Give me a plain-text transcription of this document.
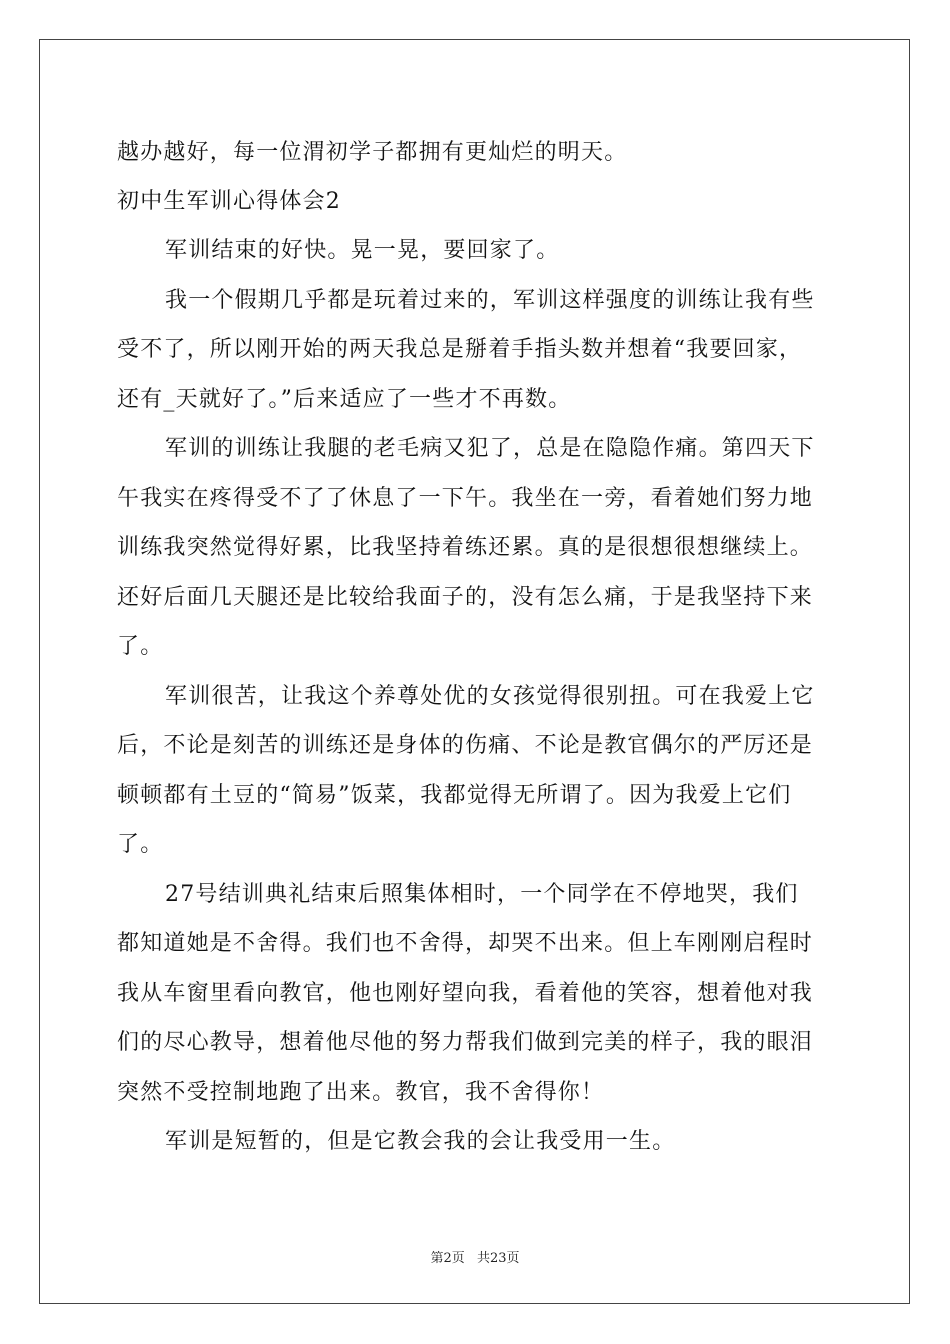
越办越好，每一位渭初学子都拥有更灿烂的明天。
初中生军训心得体会2
军训结束的好快。晃一晃，要回家了。
我一个假期几乎都是玩着过来的，军训这样强度的训练让我有些
受不了，所以刚开始的两天我总是掰着手指头数并想着“我要回家，
还有_天就好了。”后来适应了一些才不再数。
军训的训练让我腿的老毛病又犯了，总是在隐隐作痛。第四天下
午我实在疼得受不了了休息了一下午。我坐在一旁，看着她们努力地
训练我突然觉得好累，比我坚持着练还累。真的是很想很想继续上。
还好后面几天腿还是比较给我面子的，没有怎么痛，于是我坚持下来
了。
军训很苦，让我这个养尊处优的女孩觉得很别扭。可在我爱上它
后，不论是刻苦的训练还是身体的伤痛、不论是教官偶尔的严厉还是
顿顿都有土豆的“简易”饭菜，我都觉得无所谓了。因为我爱上它们
了。
27号结训典礼结束后照集体相时，一个同学在不停地哭，我们
都知道她是不舍得。我们也不舍得，却哭不出来。但上车刚刚启程时
我从车窗里看向教官，他也刚好望向我，看着他的笑容，想着他对我
们的尽心教导，想着他尽他的努力帮我们做到完美的样子，我的眼泪
突然不受控制地跑了出来。教官，我不舍得你！
军训是短暂的，但是它教会我的会让我受用一生。
第2页 共23页
